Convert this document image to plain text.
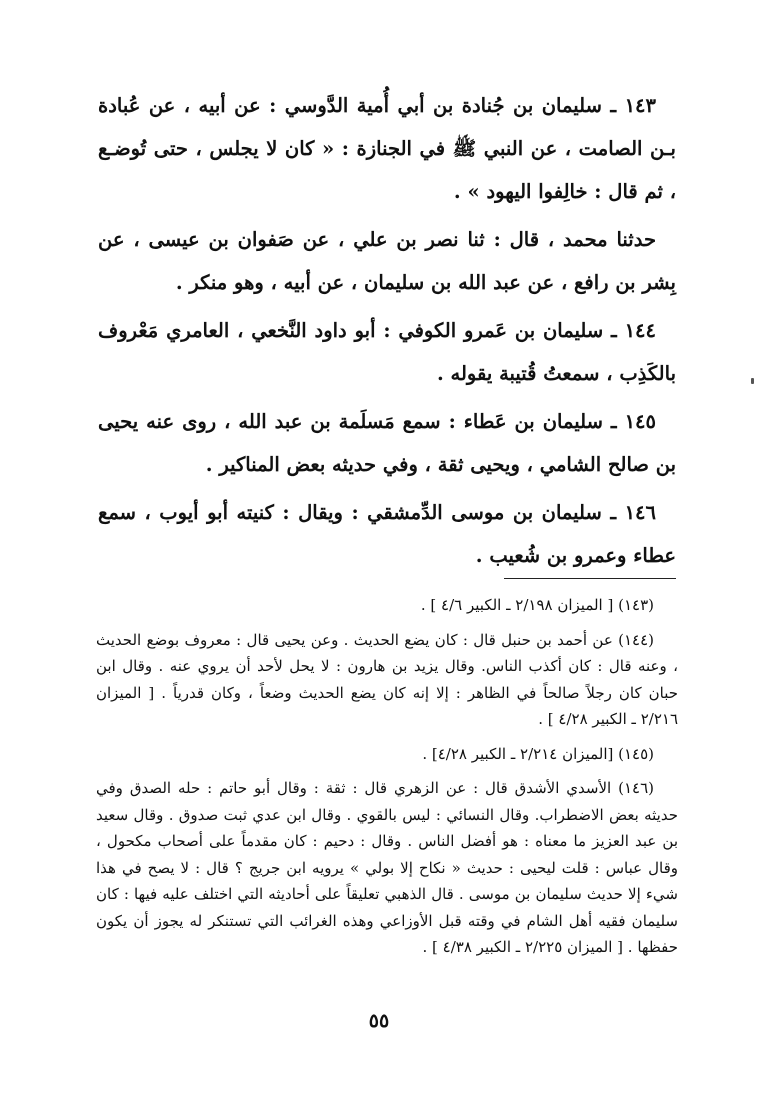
١٤٣ ـ سليمان بن جُنادة بن أبي أُمية الدَّوسي : عن أبيه ، عن عُبادة بـن الصامت ، عن النبي ﷺ في الجنازة : « كان لا يجلس ، حتى تُوضـع ، ثم قال : خالِفوا اليهود » .

حدثنا محمد ، قال : ثنا نصر بن علي ، عن صَفوان بن عيسى ، عن بِشر بن رافع ، عن عبد الله بن سليمان ، عن أبيه ، وهو منكر .

١٤٤ ـ سليمان بن عَمرو الكوفي : أبو داود النَّخعي ، العامري مَعْروف بالكَذِب ، سمعتُ قُتيبة يقوله .

١٤٥ ـ سليمان بن عَطاء : سمع مَسلَمة بن عبد الله ، روى عنه يحيى بن صالح الشامي ، ويحيى ثقة ، وفي حديثه بعض المناكير .

١٤٦ ـ سليمان بن موسى الدِّمشقي : ويقال : كنيته أبو أيوب ، سمع عطاء وعمرو بن شُعيب .

(١٤٣) [ الميزان ٢/١٩٨ ـ الكبير ٤/٦ ] .

(١٤٤) عن أحمد بن حنبل قال : كان يضع الحديث . وعن يحيى قال : معروف بوضع الحديث ، وعنه قال : كان أكذب الناس. وقال يزيد بن هارون : لا يحل لأحد أن يروي عنه . وقال ابن حبان كان رجلاً صالحاً في الظاهر : إلا إنه كان يضع الحديث وضعاً ، وكان قدرياً . [ الميزان ٢/٢١٦ ـ الكبير ٤/٢٨ ] .

(١٤٥) [الميزان ٢/٢١٤ ـ الكبير ٤/٢٨] .

(١٤٦) الأسدي الأشدق قال : عن الزهري قال : ثقة : وقال أبو حاتم : حله الصدق وفي حديثه بعض الاضطراب. وقال النسائي : ليس بالقوي . وقال ابن عدي ثبت صدوق . وقال سعيد بن عبد العزيز ما معناه : هو أفضل الناس . وقال : دحيم : كان مقدماً على أصحاب مكحول ، وقال عباس : قلت ليحيى : حديث « نكاح إلا بولي » يرويه ابن جريج ؟ قال : لا يصح في هذا شيء إلا حديث سليمان بن موسى . قال الذهبي تعليقاً على أحاديثه التي اختلف عليه فيها : كان سليمان فقيه أهل الشام في وقته قبل الأوزاعي وهذه الغرائب التي تستنكر له يجوز أن يكون حفظها . [ الميزان ٢/٢٢٥ ـ الكبير ٤/٣٨ ] .

٥٥
